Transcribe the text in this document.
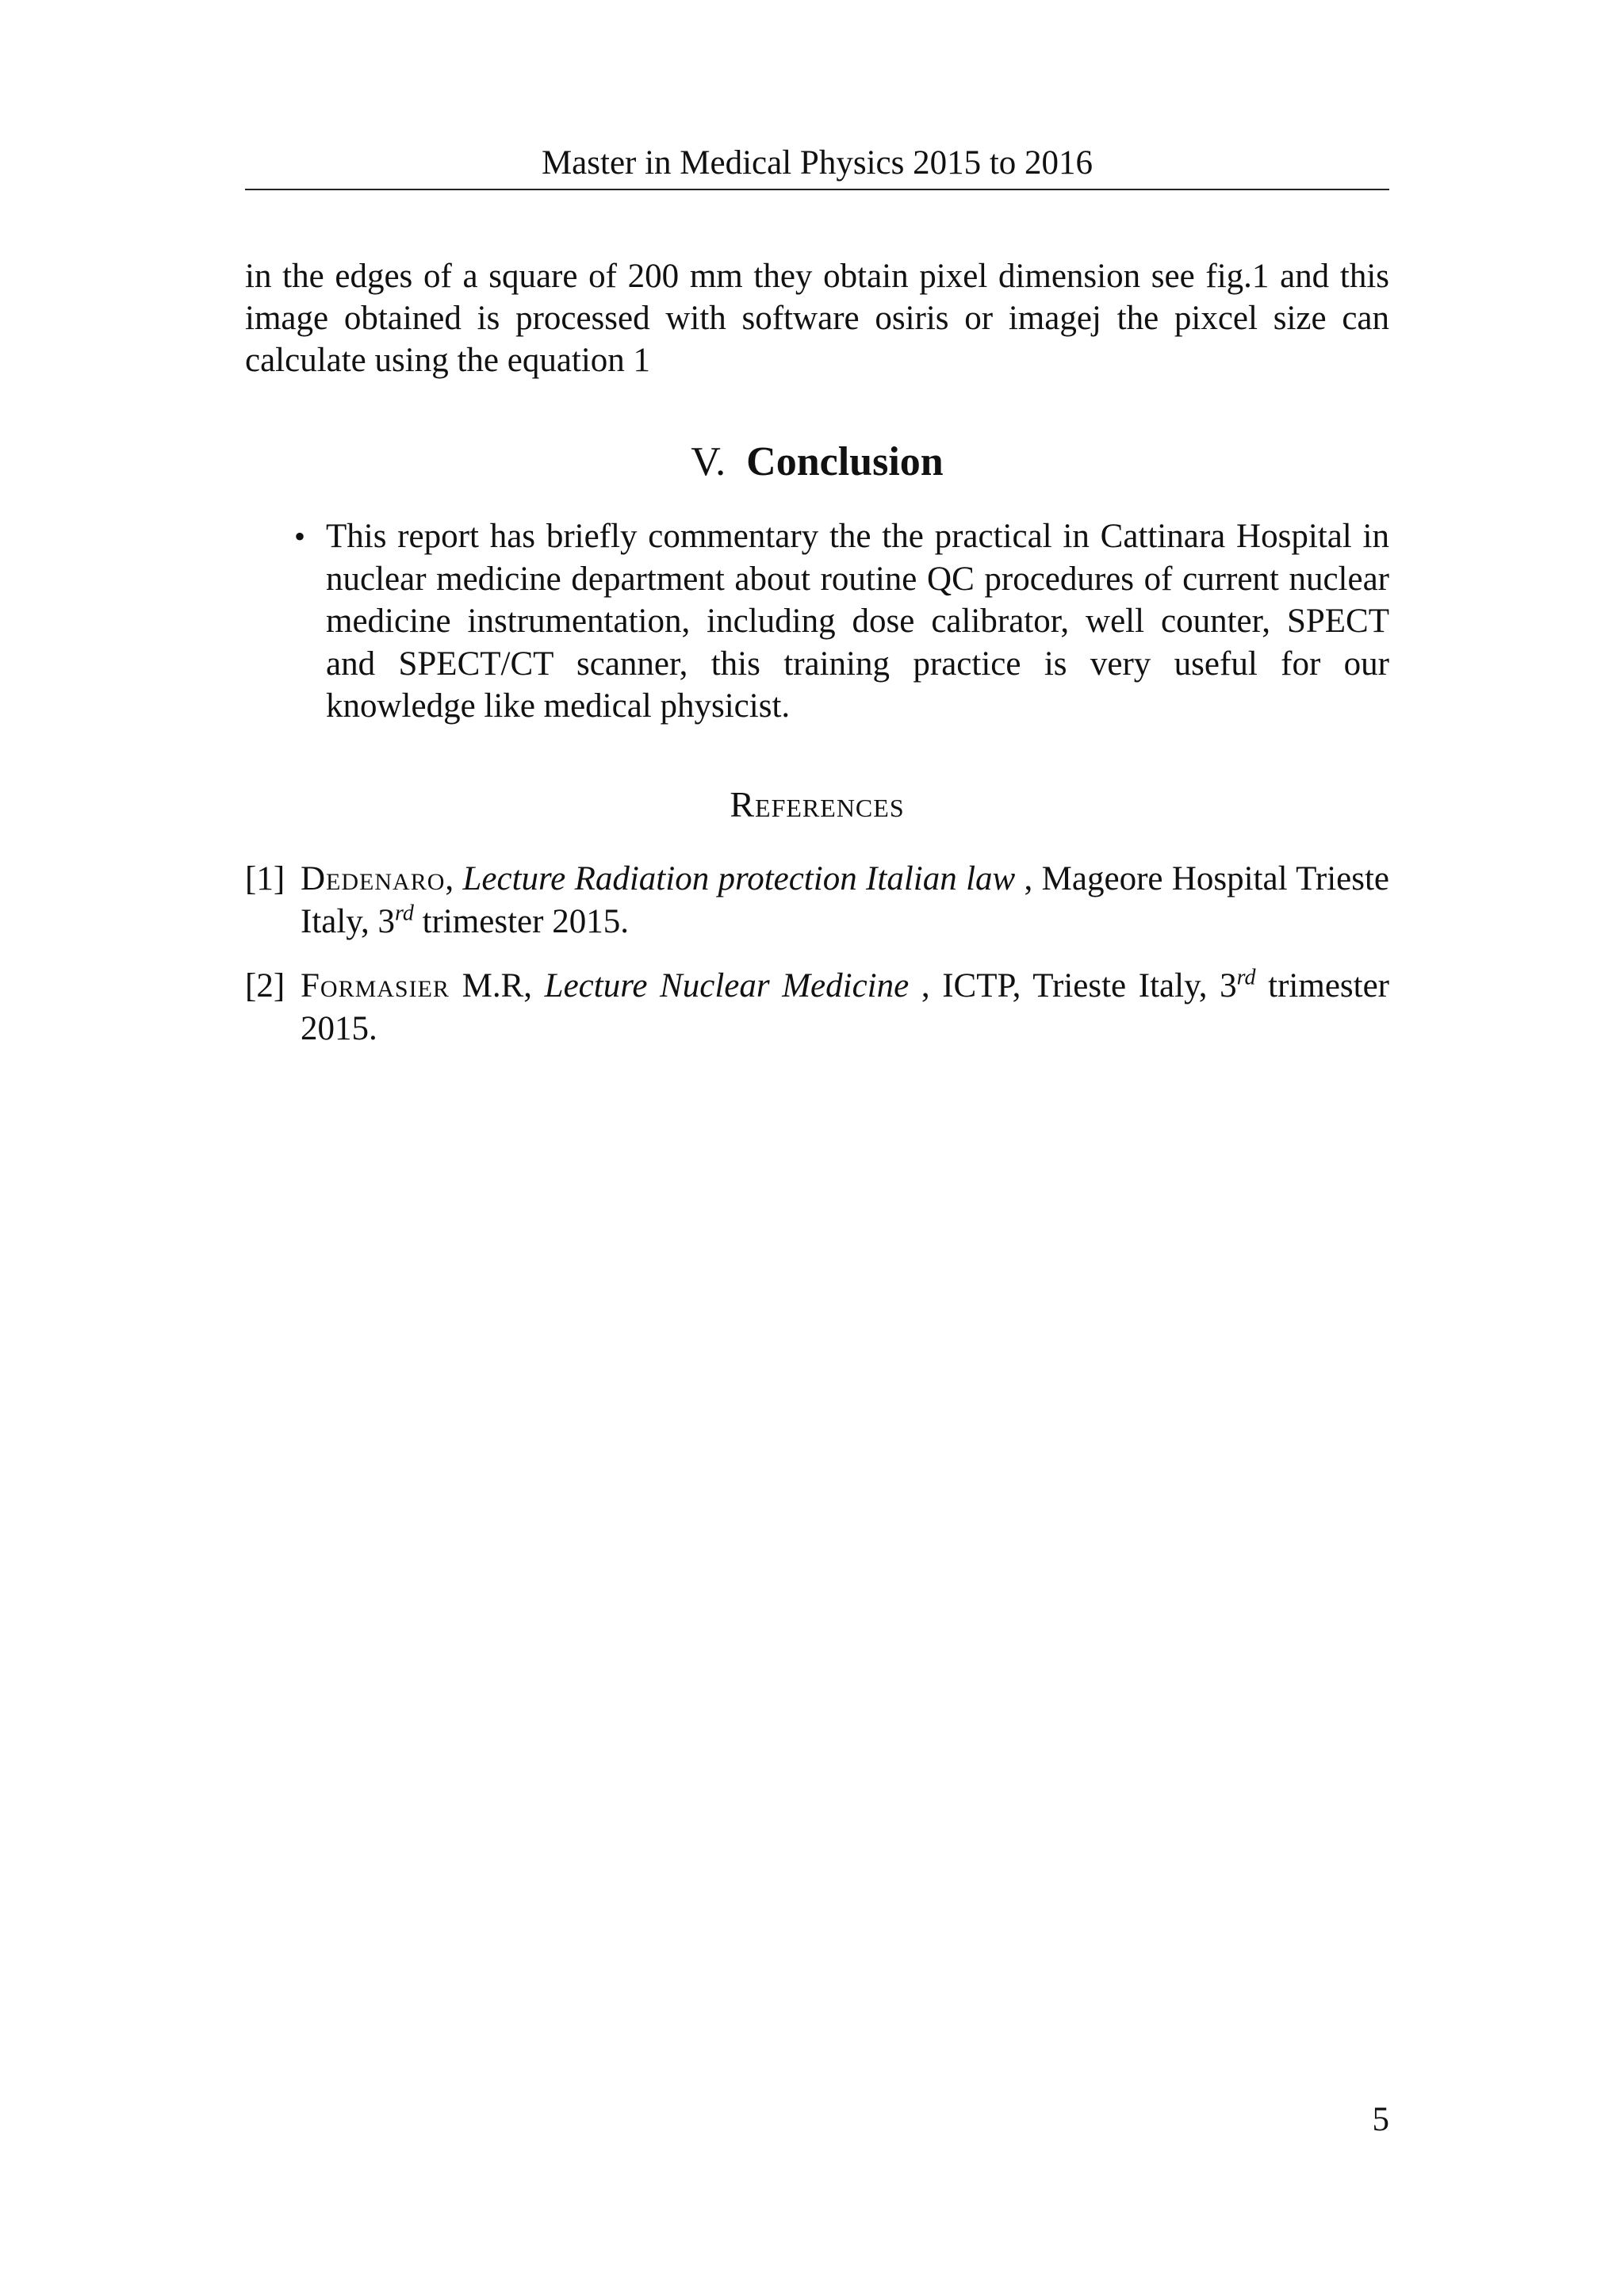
Master in Medical Physics 2015 to 2016

in the edges of a square of 200 mm they obtain pixel dimension see fig.1 and this image obtained is processed with software osiris or imagej the pixcel size can calculate using the equation 1

V. Conclusion
• This report has briefly commentary the the practical in Cattinara Hospital in nuclear medicine department about routine QC procedures of current nuclear medicine instrumentation, including dose calibrator, well counter, SPECT and SPECT/CT scanner, this training practice is very useful for our knowledge like medical physicist.
References
[1] Dedenaro, Lecture Radiation protection Italian law , Mageore Hospital Trieste Italy, 3rd trimester 2015.
[2] Formasier M.R, Lecture Nuclear Medicine , ICTP, Trieste Italy, 3rd trimester 2015.
5
